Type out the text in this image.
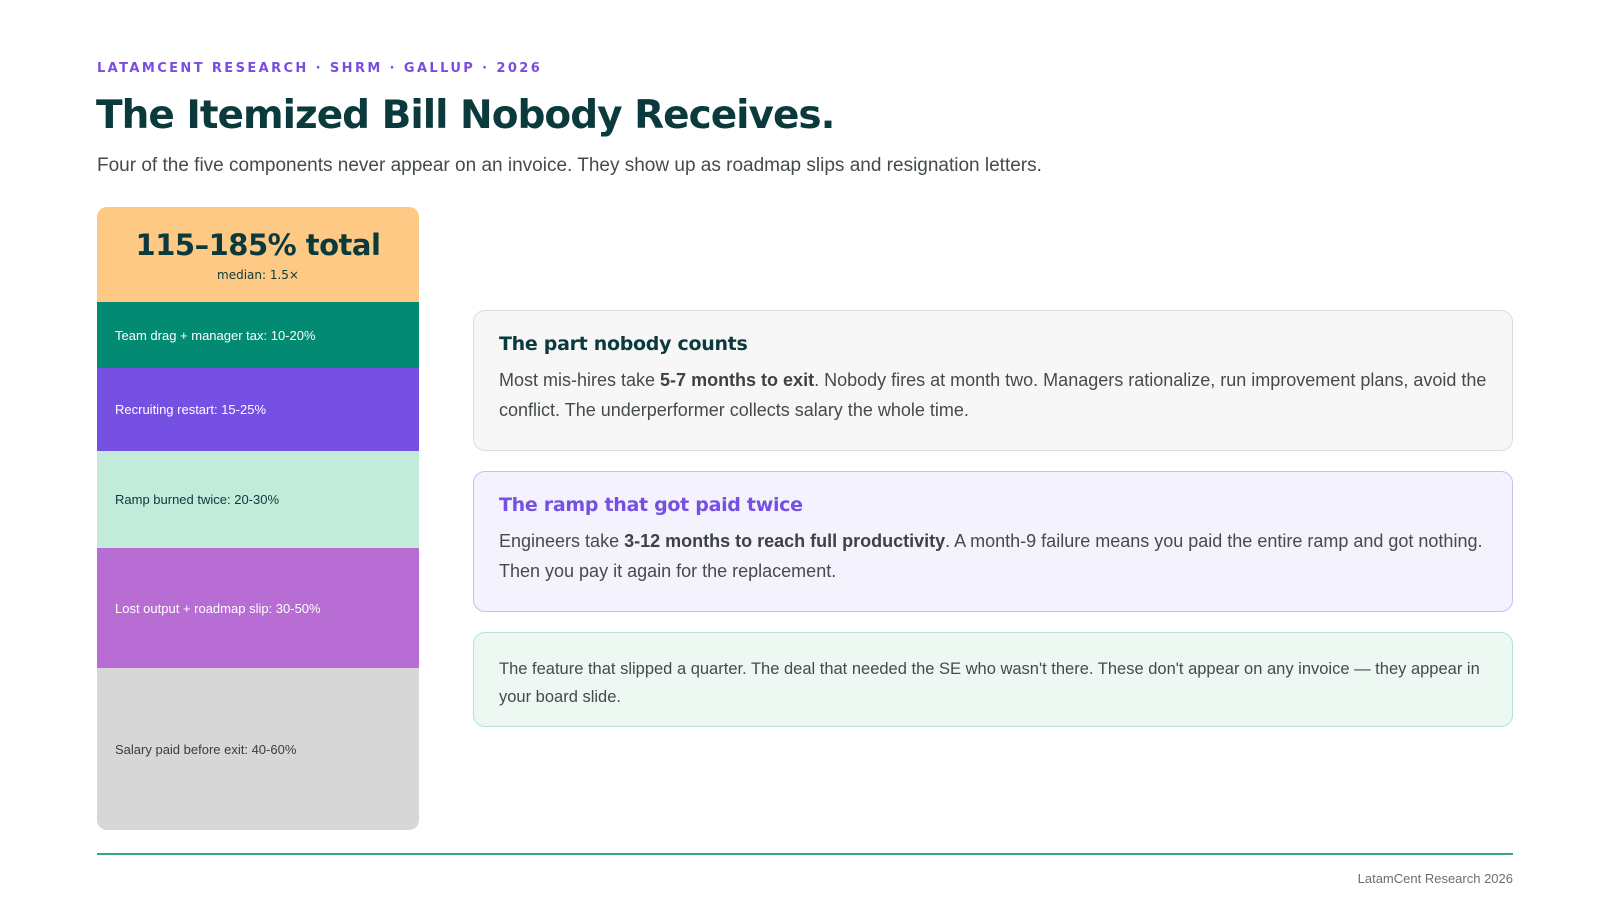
LATAMCENT RESEARCH · SHRM · GALLUP · 2026
The Itemized Bill Nobody Receives.

Four of the five components never appear on an invoice. They show up as roadmap slips and resignation letters.

115–185% total
median: 1.5×
Team drag + manager tax: 10-20%
Recruiting restart: 15-25%
Ramp burned twice: 20-30%
Lost output + roadmap slip: 30-50%
Salary paid before exit: 40-60%
The part nobody counts
Most mis-hires take 5-7 months to exit. Nobody fires at month two. Managers rationalize, run improvement plans, avoid the conflict. The underperformer collects salary the whole time.
The ramp that got paid twice
Engineers take 3-12 months to reach full productivity. A month-9 failure means you paid the entire ramp and got nothing. Then you pay it again for the replacement.
The feature that slipped a quarter. The deal that needed the SE who wasn't there. These don't appear on any invoice — they appear in your board slide.
LatamCent Research 2026
